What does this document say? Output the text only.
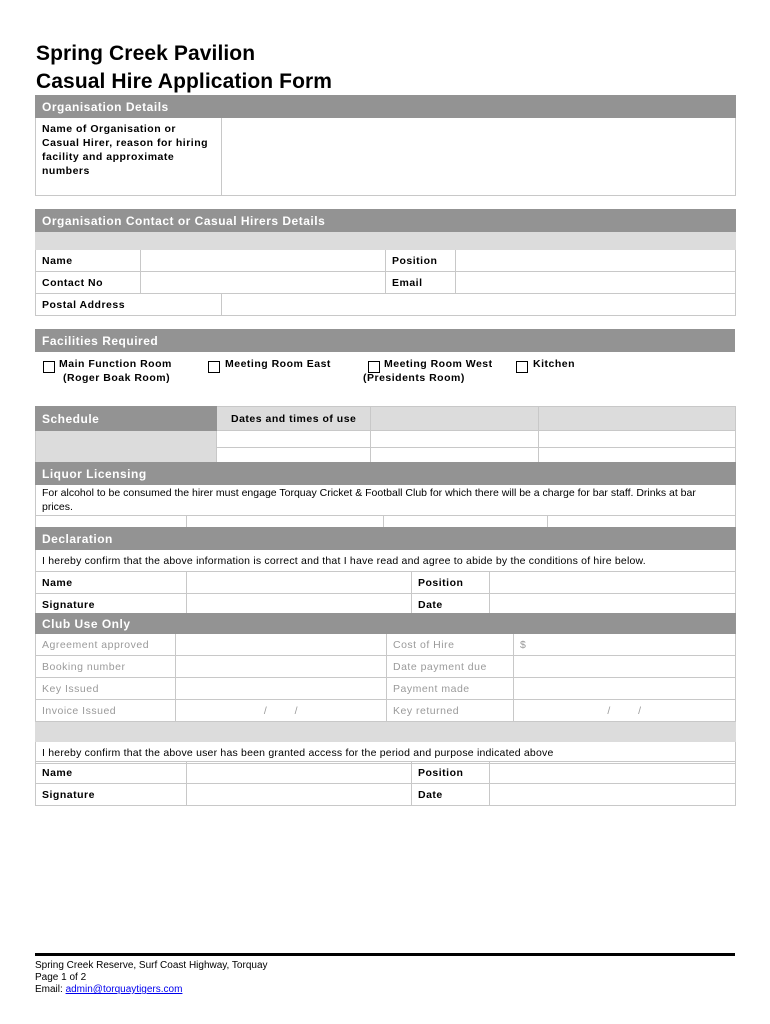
Spring Creek Pavilion
Casual Hire Application Form
Organisation Details
Name of Organisation or Casual Hirer, reason for hiring facility and approximate numbers	
Organisation Contact or Casual Hirers Details				

Name			Position	
Contact No			Email	
Postal Address				
Facilities Required
Main Function Room
(Roger Boak Room)
Meeting Room East	Meeting Room West
(Presidents Room)
Kitchen
Schedule	Dates and times of use		

Liquor Licensing
For alcohol to be consumed the hirer must engage Torquay Cricket & Football Club for which there will be a charge for bar staff. Drinks at bar prices.

Declaration			
I hereby confirm that the above information is correct and that I have read and agree to abide by the conditions of hire below.			
Name		Position	
Signature		Date	
Club Use Only			
Agreement approved		Cost of Hire	$
Booking number		Date payment due	
Key Issued		Payment made	
Invoice Issued	/        /	Key returned	/        /

I hereby confirm that the above user has been granted access for the period and purpose indicated above			
Name		Position	
Signature		Date	
Spring Creek Reserve, Surf Coast Highway, Torquay
Page 1 of 2
Email: admin@torquaytigers.com
